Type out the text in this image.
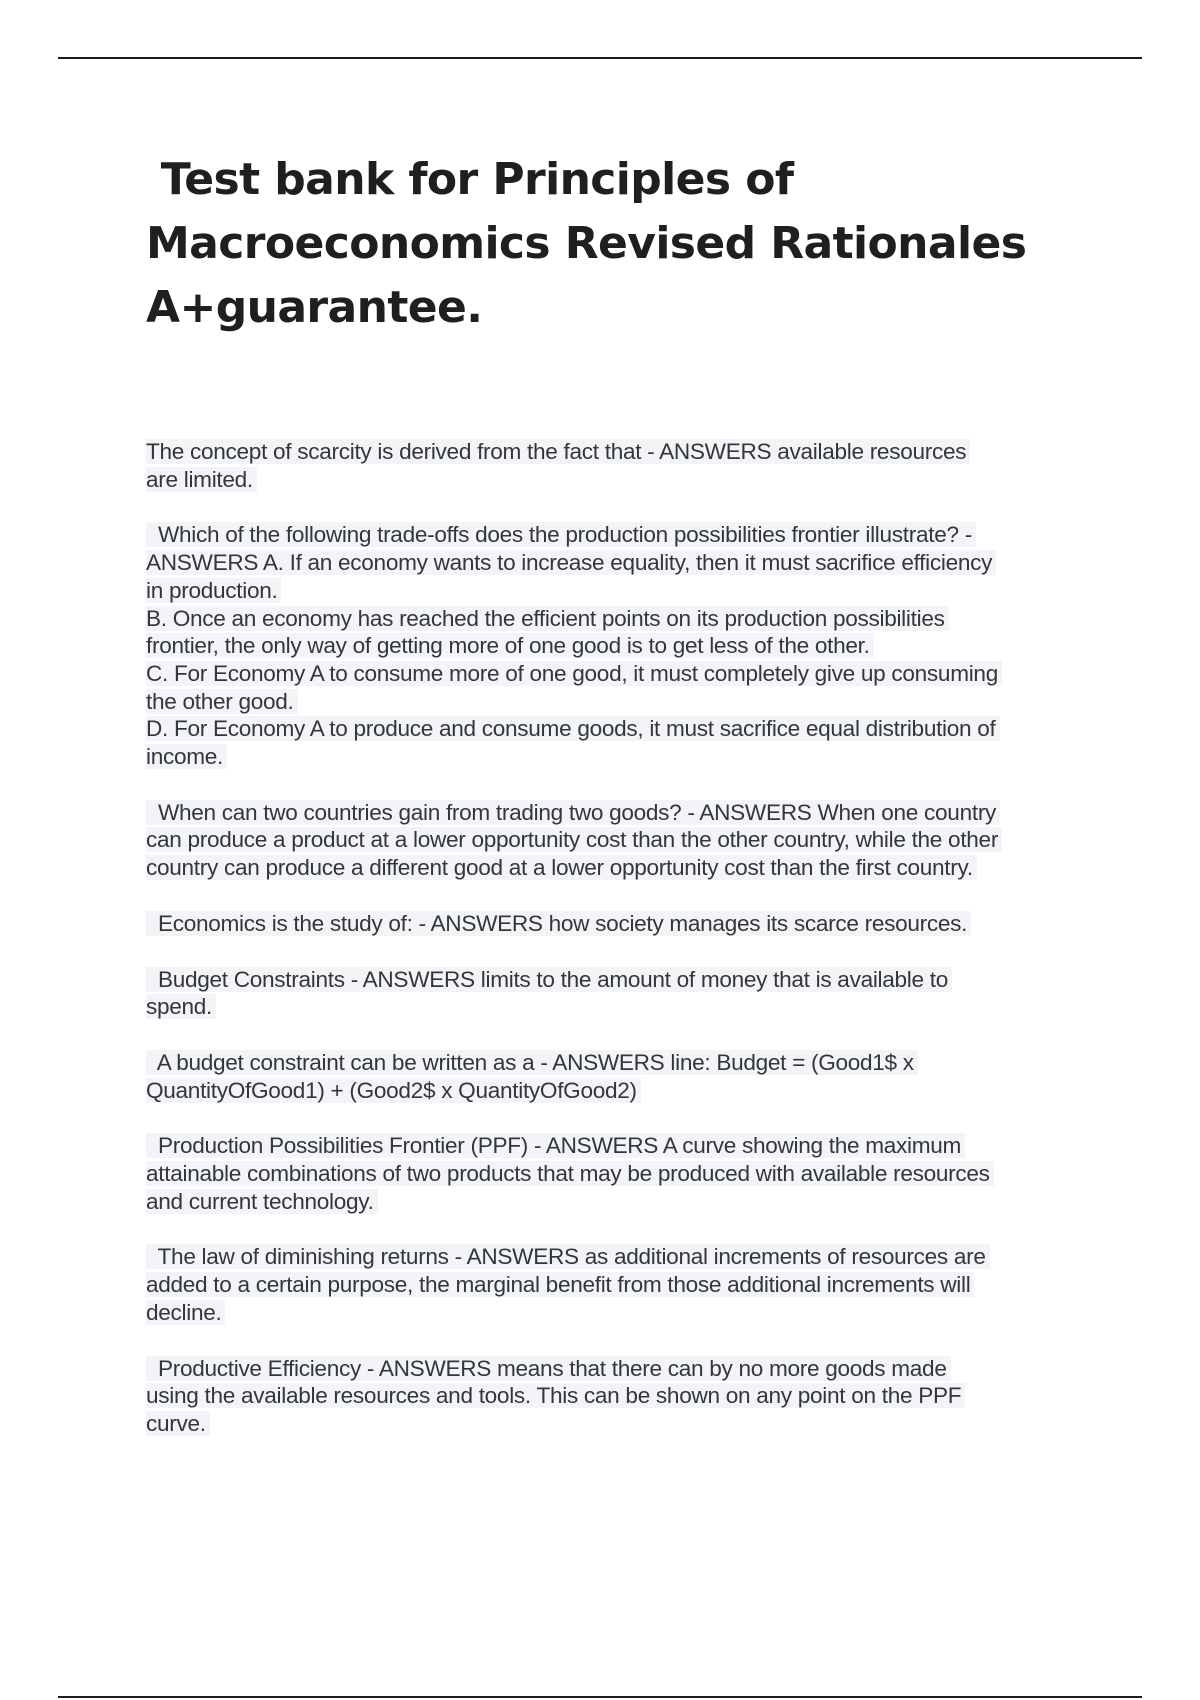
Test bank for Principles of
Macroeconomics Revised Rationales
A+guarantee.

The concept of scarcity is derived from the fact that - ANSWERS available resources
are limited.

Which of the following trade-offs does the production possibilities frontier illustrate? -
ANSWERS A. If an economy wants to increase equality, then it must sacrifice efficiency
in production.
B. Once an economy has reached the efficient points on its production possibilities
frontier, the only way of getting more of one good is to get less of the other.
C. For Economy A to consume more of one good, it must completely give up consuming
the other good.
D. For Economy A to produce and consume goods, it must sacrifice equal distribution of
income.

When can two countries gain from trading two goods? - ANSWERS When one country
can produce a product at a lower opportunity cost than the other country, while the other
country can produce a different good at a lower opportunity cost than the first country.

Economics is the study of: - ANSWERS how society manages its scarce resources.

Budget Constraints - ANSWERS limits to the amount of money that is available to
spend.

A budget constraint can be written as a - ANSWERS line: Budget = (Good1$ x
QuantityOfGood1) + (Good2$ x QuantityOfGood2)

Production Possibilities Frontier (PPF) - ANSWERS A curve showing the maximum
attainable combinations of two products that may be produced with available resources
and current technology.

The law of diminishing returns - ANSWERS as additional increments of resources are
added to a certain purpose, the marginal benefit from those additional increments will
decline.

Productive Efficiency - ANSWERS means that there can by no more goods made
using the available resources and tools. This can be shown on any point on the PPF
curve.
